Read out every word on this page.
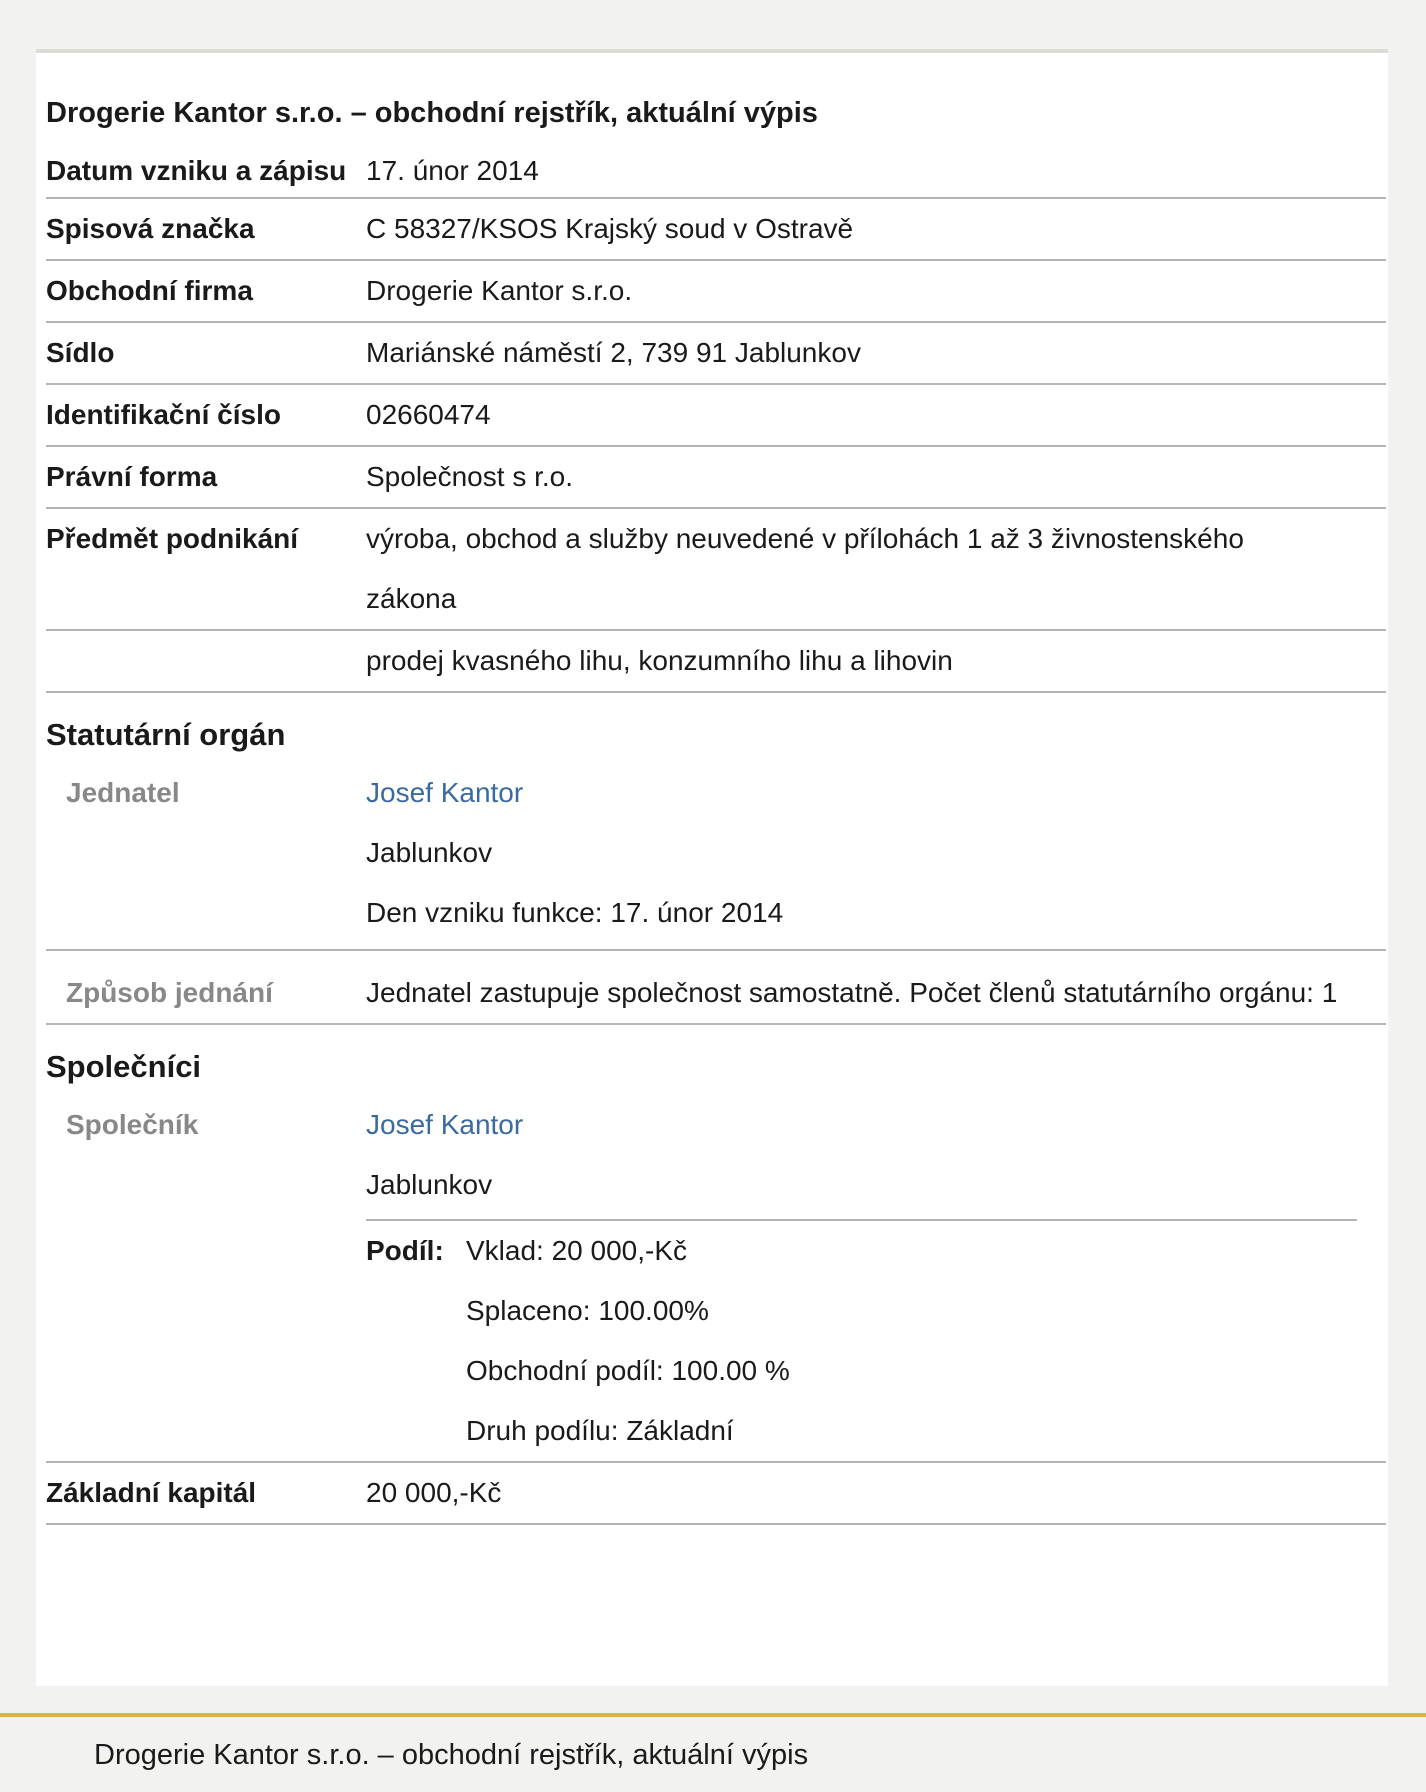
Drogerie Kantor s.r.o. – obchodní rejstřík, aktuální výpis
Datum vzniku a zápisu 17. únor 2014
Spisová značka	C 58327/KSOS Krajský soud v Ostravě
Obchodní firma	Drogerie Kantor s.r.o.
Sídlo	Mariánské náměstí 2, 739 91 Jablunkov
Identifikační číslo	02660474
Právní forma	Společnost s r.o.
Předmět podnikání	výroba, obchod a služby neuvedené v přílohách 1 až 3 živnostenského zákona
prodej kvasného lihu, konzumního lihu a lihovin
Statutární orgán
Jednatel	Josef Kantor
Jablunkov
Den vzniku funkce: 17. únor 2014
Způsob jednání	Jednatel zastupuje společnost samostatně. Počet členů statutárního orgánu: 1
Společníci
Společník	Josef Kantor
Jablunkov
Podíl: Vklad: 20 000,-Kč
Splaceno: 100.00%
Obchodní podíl: 100.00 %
Druh podílu: Základní
Základní kapitál	20 000,-Kč
Drogerie Kantor s.r.o. – obchodní rejstřík, aktuální výpis
